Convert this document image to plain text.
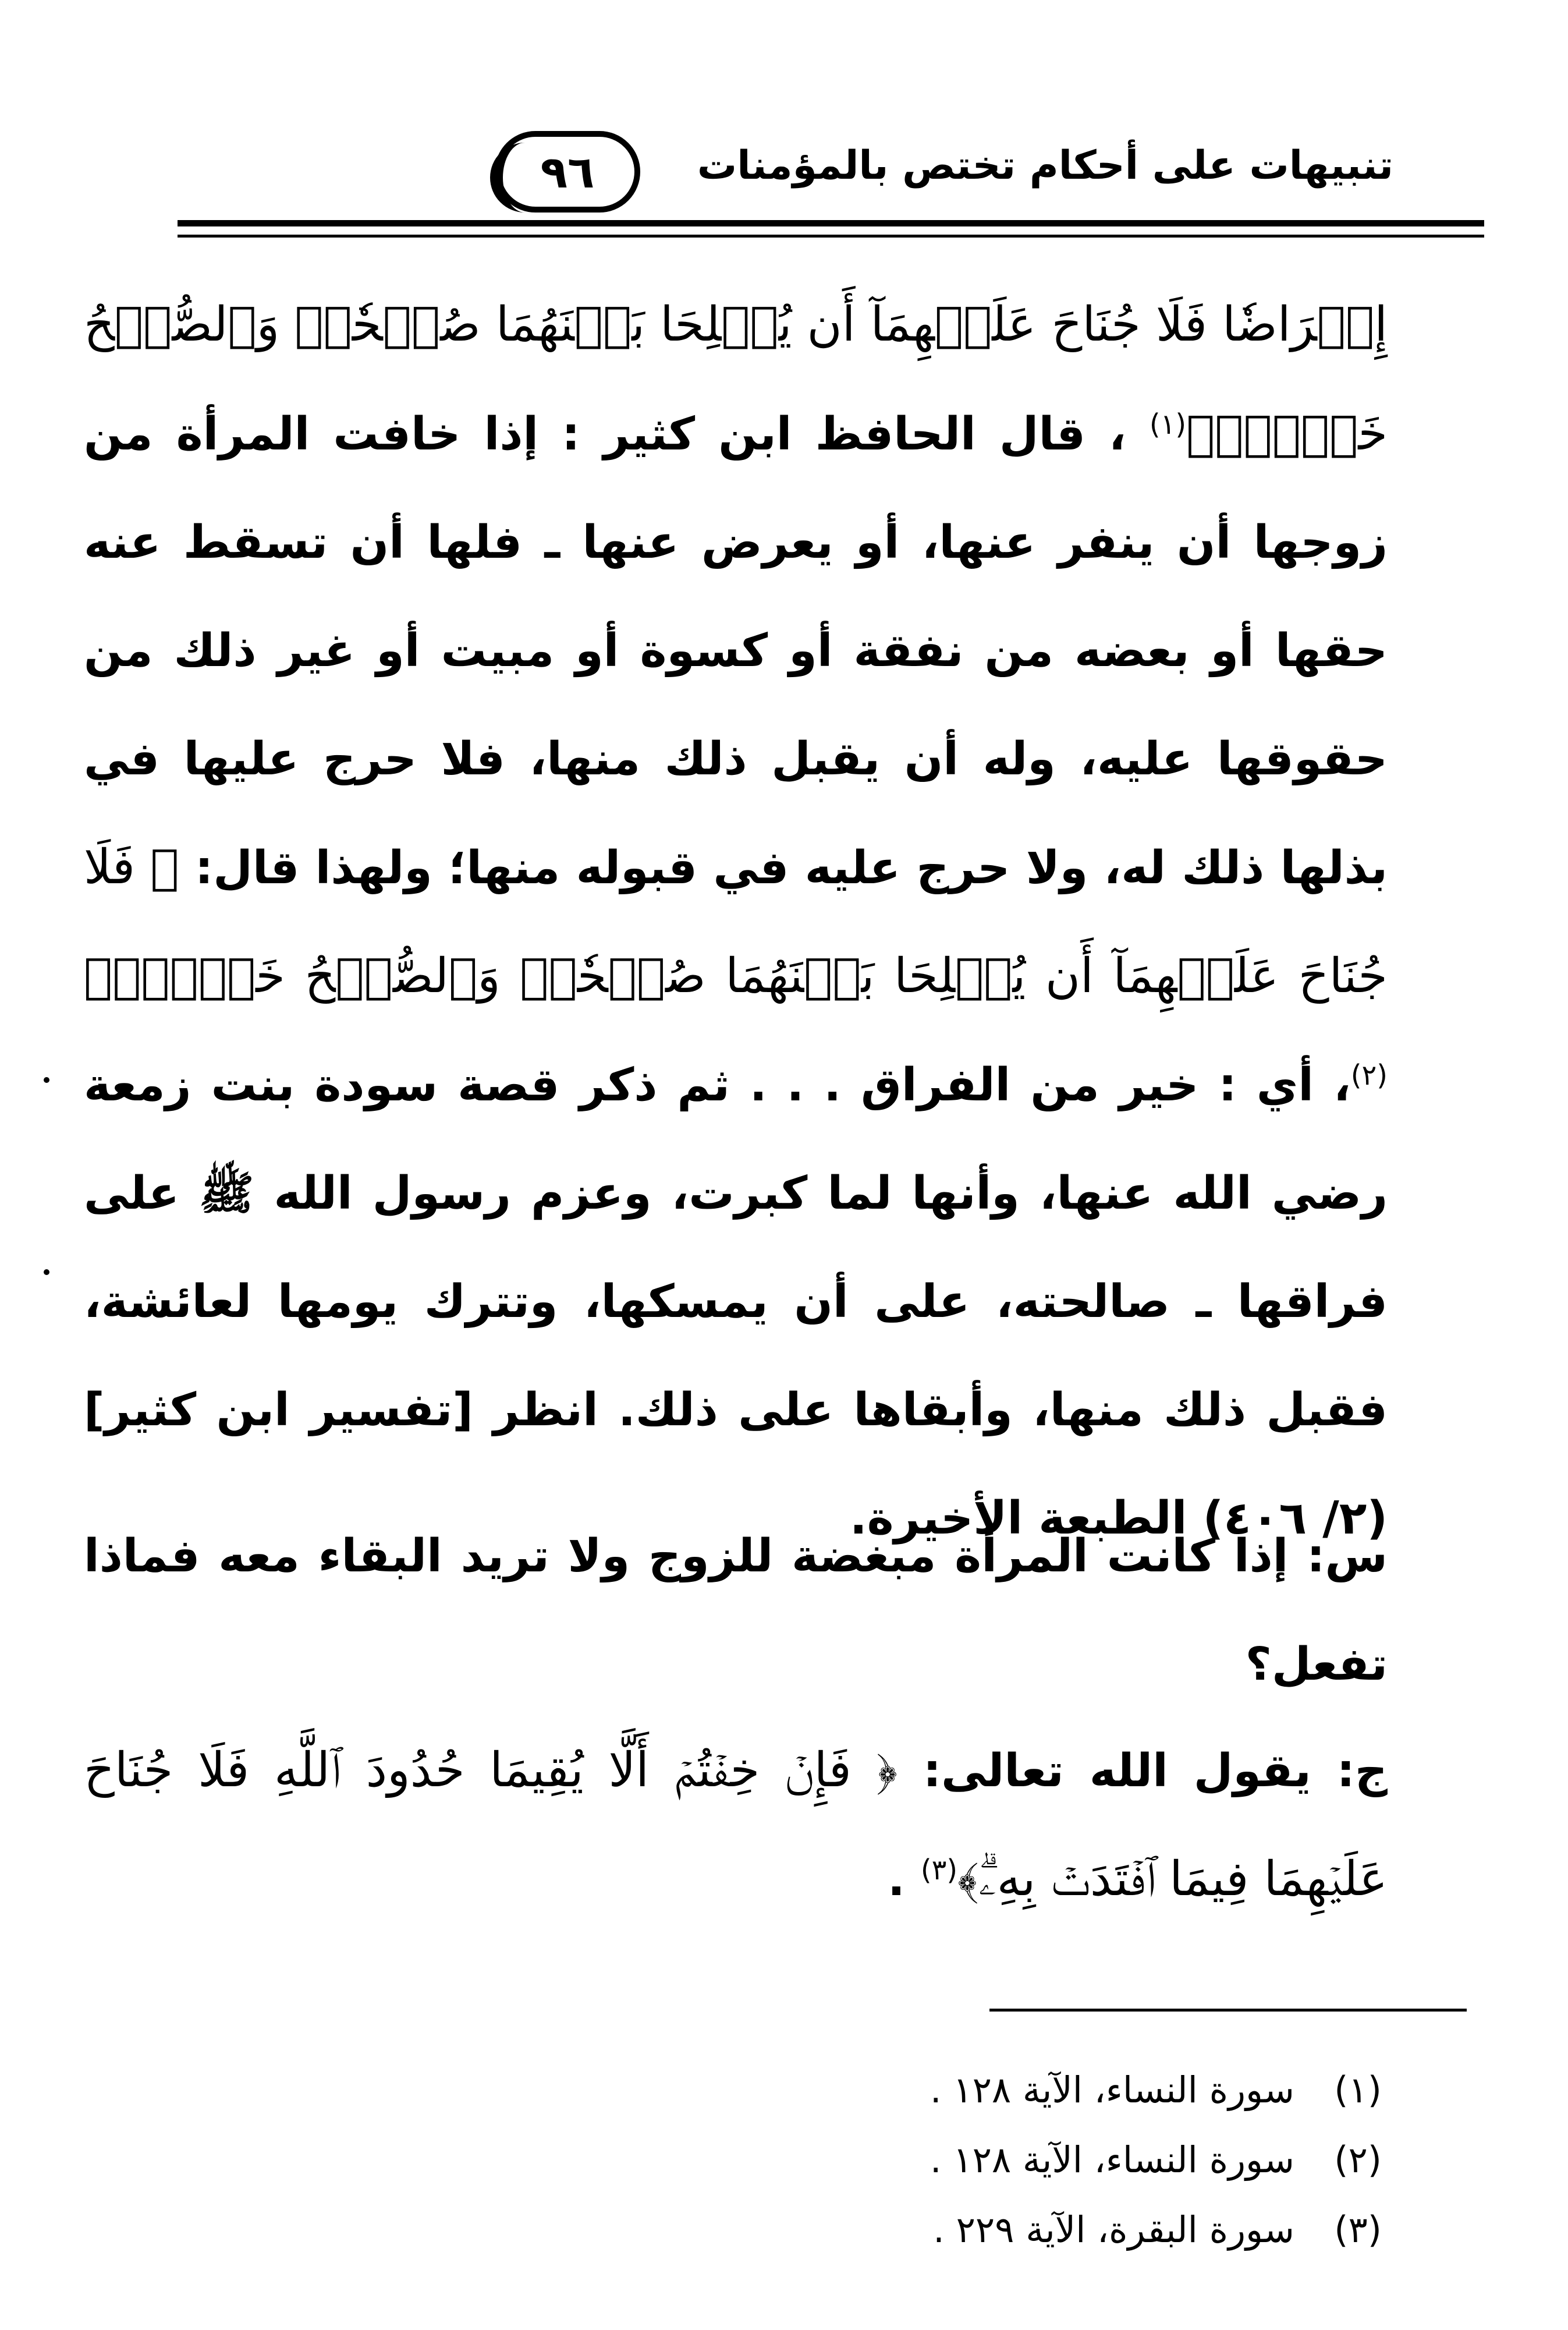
تنبيهات على أحكام تختص بالمؤمنات
٩٦
إِعۡرَاضٗا فَلَا جُنَاحَ عَلَيۡهِمَآ أَن يُصۡلِحَا بَيۡنَهُمَا صُلۡحٗاۚ وَٱلصُّلۡحُ خَيۡرٞۗ﴾$^{(١)}$ ، قال الحافظ ابن كثير : إذا خافت المرأة من زوجها أن ينفر عنها، أو يعرض عنها ـ فلها أن تسقط عنه حقها أو بعضه من نفقة أو كسوة أو مبيت أو غير ذلك من حقوقها عليه، وله أن يقبل ذلك منها، فلا حرج عليها في بذلها ذلك له، ولا حرج عليه في قبوله منها؛ ولهذا قال: ﴿ فَلَا جُنَاحَ عَلَيۡهِمَآ أَن يُصۡلِحَا بَيۡنَهُمَا صُلۡحٗاۚ وَٱلصُّلۡحُ خَيۡرٞۗ﴾$^{(٢)}$، أي : خير من الفراق . . . ثم ذكر قصة سودة بنت زمعة رضي الله عنها، وأنها لما كبرت، وعزم رسول الله ﷺ على فراقها ـ صالحته، على أن يمسكها، وتترك يومها لعائشة، فقبل ذلك منها، وأبقاها على ذلك. انظر [تفسير ابن كثير] (٢/ ٤٠٦) الطبعة الأخيرة.
س: إذا كانت المرأة مبغضة للزوج ولا تريد البقاء معه فماذا تفعل؟
ج: يقول الله تعالى: ﴿ فَإِنۡ خِفۡتُمۡ أَلَّا يُقِيمَا حُدُودَ ٱللَّهِ فَلَا جُنَاحَ عَلَيۡهِمَا فِيمَا ٱفۡتَدَتۡ بِهِۦۗ﴾$^{(٣)}$ .
(١)سورة النساء، الآية ١٢٨ .
(٢)سورة النساء، الآية ١٢٨ .
(٣)سورة البقرة، الآية ٢٢٩ .
